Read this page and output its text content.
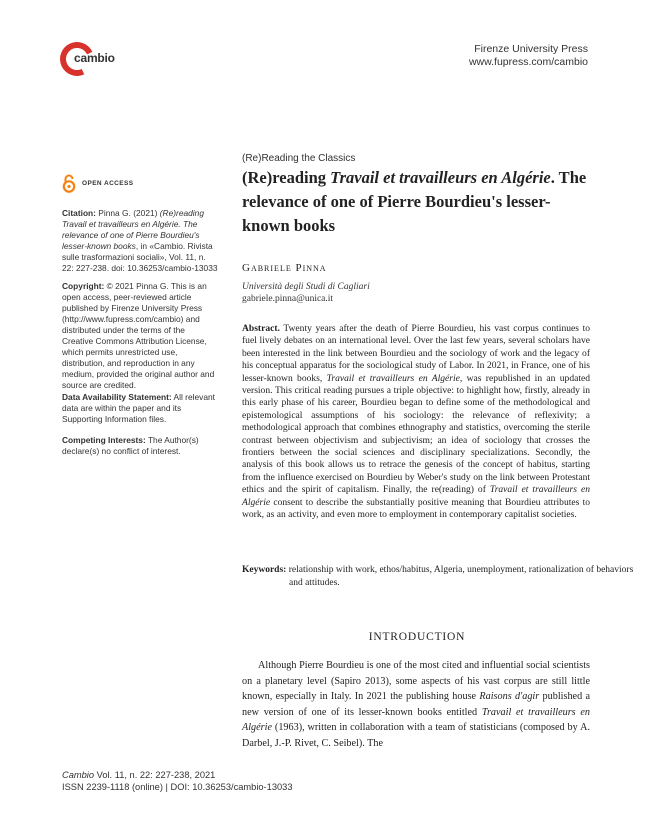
cambio
Firenze University Press
www.fupress.com/cambio
OPEN ACCESS

Citation: Pinna G. (2021) (Re)reading Travail et travailleurs en Algérie. The relevance of one of Pierre Bourdieu's lesser-known books, in «Cambio. Rivista sulle trasformazioni sociali», Vol. 11, n. 22: 227-238. doi: 10.36253/cambio-13033

Copyright: © 2021 Pinna G. This is an open access, peer-reviewed article published by Firenze University Press (http://www.fupress.com/cambio) and distributed under the terms of the Creative Commons Attribution License, which permits unrestricted use, distribution, and reproduction in any medium, provided the original author and source are credited.

Data Availability Statement: All relevant data are within the paper and its Supporting Information files.

Competing Interests: The Author(s) declare(s) no conflict of interest.

(Re)Reading the Classics
(Re)reading Travail et travailleurs en Algérie. The relevance of one of Pierre Bourdieu's lesser-known books
Gabriele Pinna
Università degli Studi di Cagliari
gabriele.pinna@unica.it

Abstract. Twenty years after the death of Pierre Bourdieu, his vast corpus continues to fuel lively debates on an international level. Over the last few years, several scholars have been interested in the link between Bourdieu and the sociology of work and the legacy of his conceptual apparatus for the sociological study of Labor. In 2021, in France, one of his lesser-known books, Travail et travailleurs en Algérie, was republished in an updated version. This critical reading pursues a triple objective: to highlight how, firstly, already in this early phase of his career, Bourdieu began to define some of the methodological and epistemological assumptions of his sociology: the relevance of reflexivity; a methodological approach that combines ethnography and statistics, overcoming the sterile contrast between objectivism and subjectivism; an idea of sociology that crosses the frontiers between the social sciences and disciplinary specializations. Secondly, the analysis of this book allows us to retrace the genesis of the concept of habitus, starting from the influence exercised on Bourdieu by Weber's study on the link between Protestant ethics and the spirit of capitalism. Finally, the re(reading) of Travail et travailleurs en Algérie consent to describe the substantially positive meaning that Bourdieu attributes to work, as an activity, and even more to employment in contemporary capitalist societies.

Keywords: relationship with work, ethos/habitus, Algeria, unemployment, rationalization of behaviors and attitudes.

INTRODUCTION

Although Pierre Bourdieu is one of the most cited and influential social scientists on a planetary level (Sapiro 2013), some aspects of his vast corpus are still little known, especially in Italy. In 2021 the publishing house Raisons d'agir published a new version of one of its lesser-known books entitled Travail et travailleurs en Algérie (1963), written in collaboration with a team of statisticians (composed by A. Darbel, J.-P. Rivet, C. Seibel). The

Cambio Vol. 11, n. 22: 227-238, 2021
ISSN 2239-1118 (online) | DOI: 10.36253/cambio-13033
